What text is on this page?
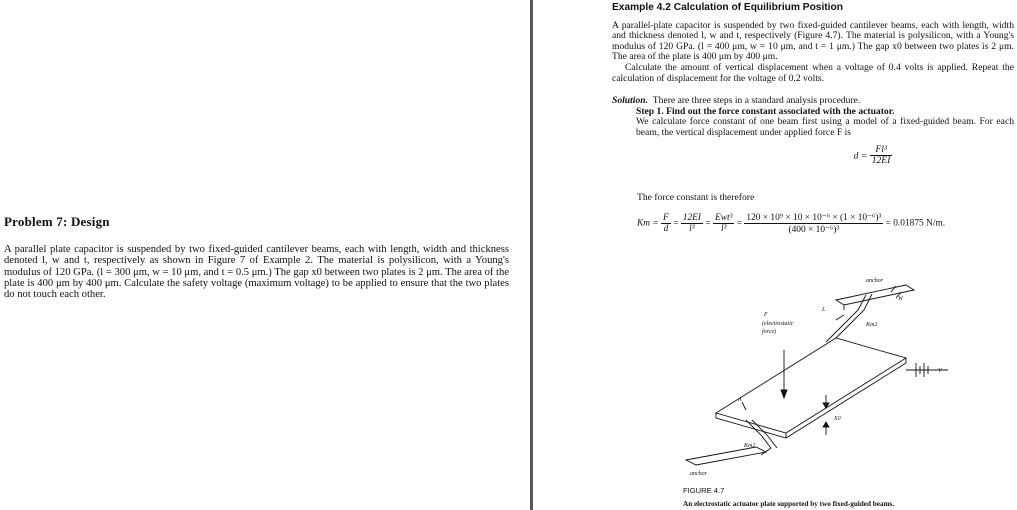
Problem 7: Design
A parallel plate capacitor is suspended by two fixed-guided cantilever beams, each with length, width and thickness denoted l, w and t, respectively as shown in Figure 7 of Example 2. The material is polysilicon, with a Young's modulus of 120 GPa. (l = 300 μm, w = 10 μm, and t = 0.5 μm.) The gap x0 between two plates is 2 μm. The area of the plate is 400 μm by 400 μm. Calculate the safety voltage (maximum voltage) to be applied to ensure that the two plates do not touch each other.
Example 4.2 Calculation of Equilibrium Position

A parallel-plate capacitor is suspended by two fixed-guided cantilever beams, each with length, width and thickness denoted l, w and t, respectively (Figure 4.7). The material is polysilicon, with a Young's modulus of 120 GPa. (l = 400 μm, w = 10 μm, and t = 1 μm.) The gap x0 between two plates is 2 μm. The area of the plate is 400 μm by 400 μm.

Calculate the amount of vertical displacement when a voltage of 0.4 volts is applied. Repeat the calculation of displacement for the voltage of 0.2 volts.

Solution. There are three steps in a standard analysis procedure.

Step 1. Find out the force constant associated with the actuator.

We calculate force constant of one beam first using a model of a fixed-guided beam. For each beam, the vertical displacement under applied force F is

$d = \frac{\text{Fl³}}{12EI}$
The force constant is therefore
$Km = \frac{F}{d} = \frac{12EI}{\text{l³}} = \frac{\text{Ewt³}}{\text{l³}} = \frac{\text{120 × 10⁹ × 10 × 10⁻⁶ × (1 × 10⁻⁶)³}}{\text{(400 × 10⁻⁶)³}} = 0.01875$ N/m.
anchor
W
L
Km2
F
(electrostatic
force)
A
X0
V
Km2
anchor
FIGURE 4.7
An electrostatic actuator plate supported by two fixed-guided beams.
